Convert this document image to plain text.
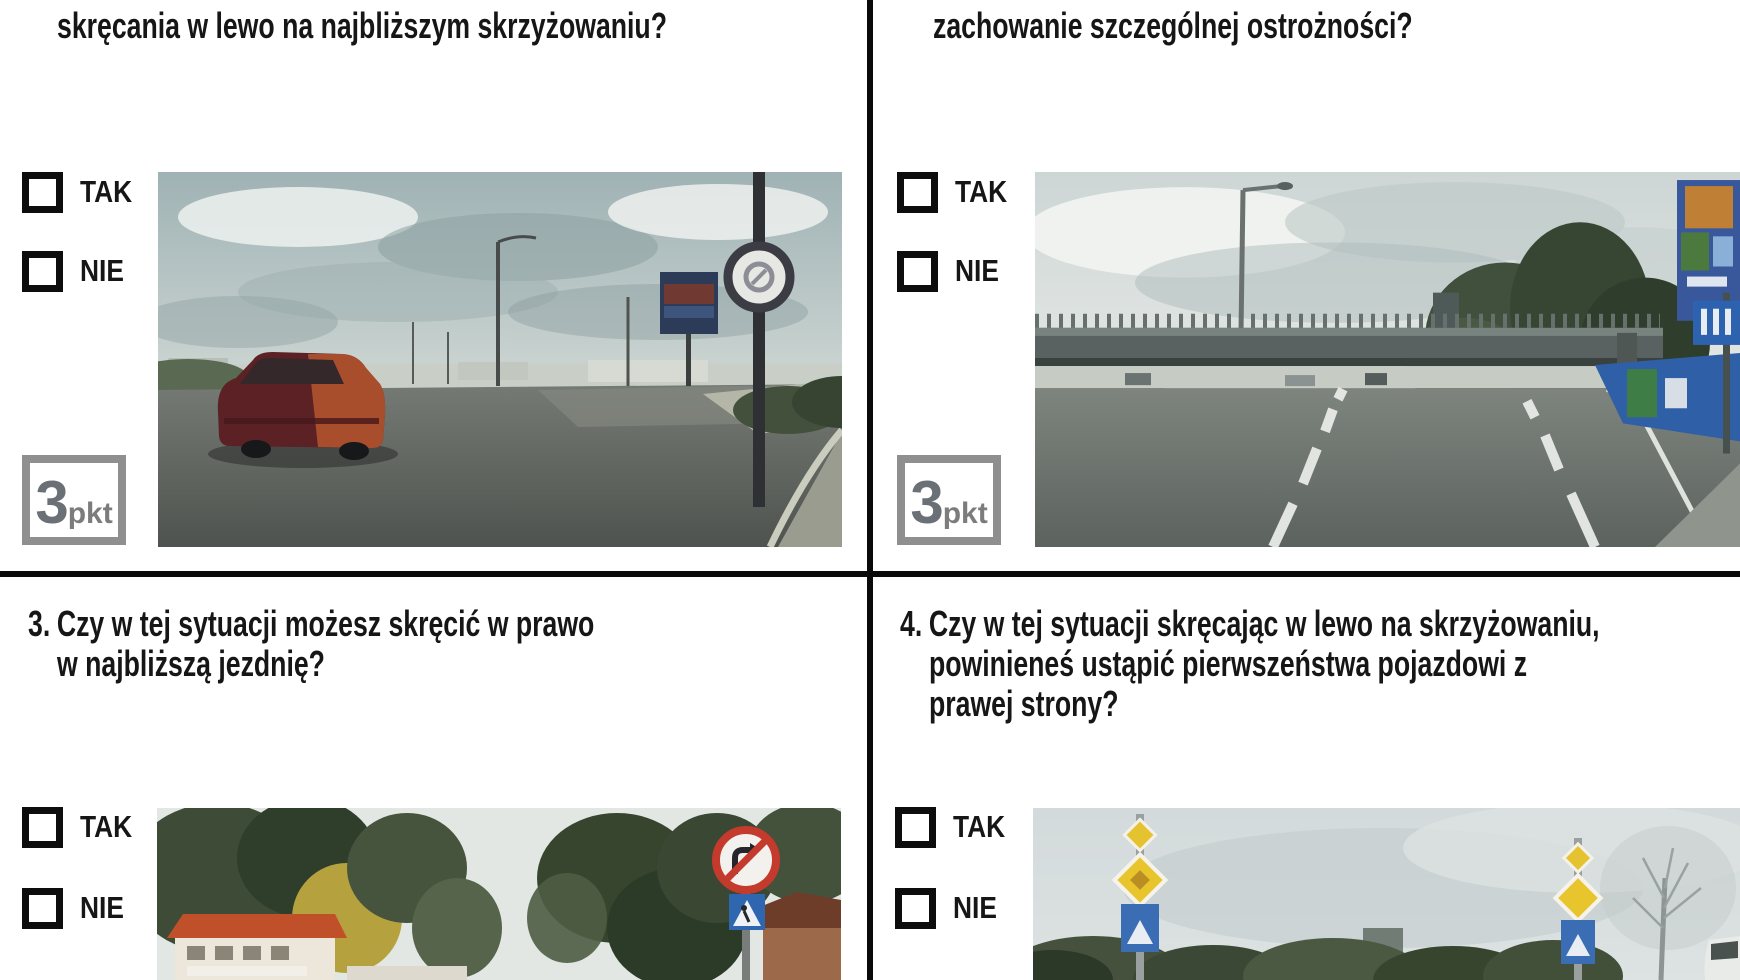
skręcania w lewo na najbliższym skrzyżowaniu?
TAK
NIE
3pkt
zachowanie szczególnej ostrożności?
TAK
NIE
3pkt
3. Czy w tej sytuacji możesz skręcić w prawo
w najbliższą jezdnię?
TAK
NIE
4. Czy w tej sytuacji skręcając w lewo na skrzyżowaniu,
powinieneś ustąpić pierwszeństwa pojazdowi z
prawej strony?
TAK
NIE
